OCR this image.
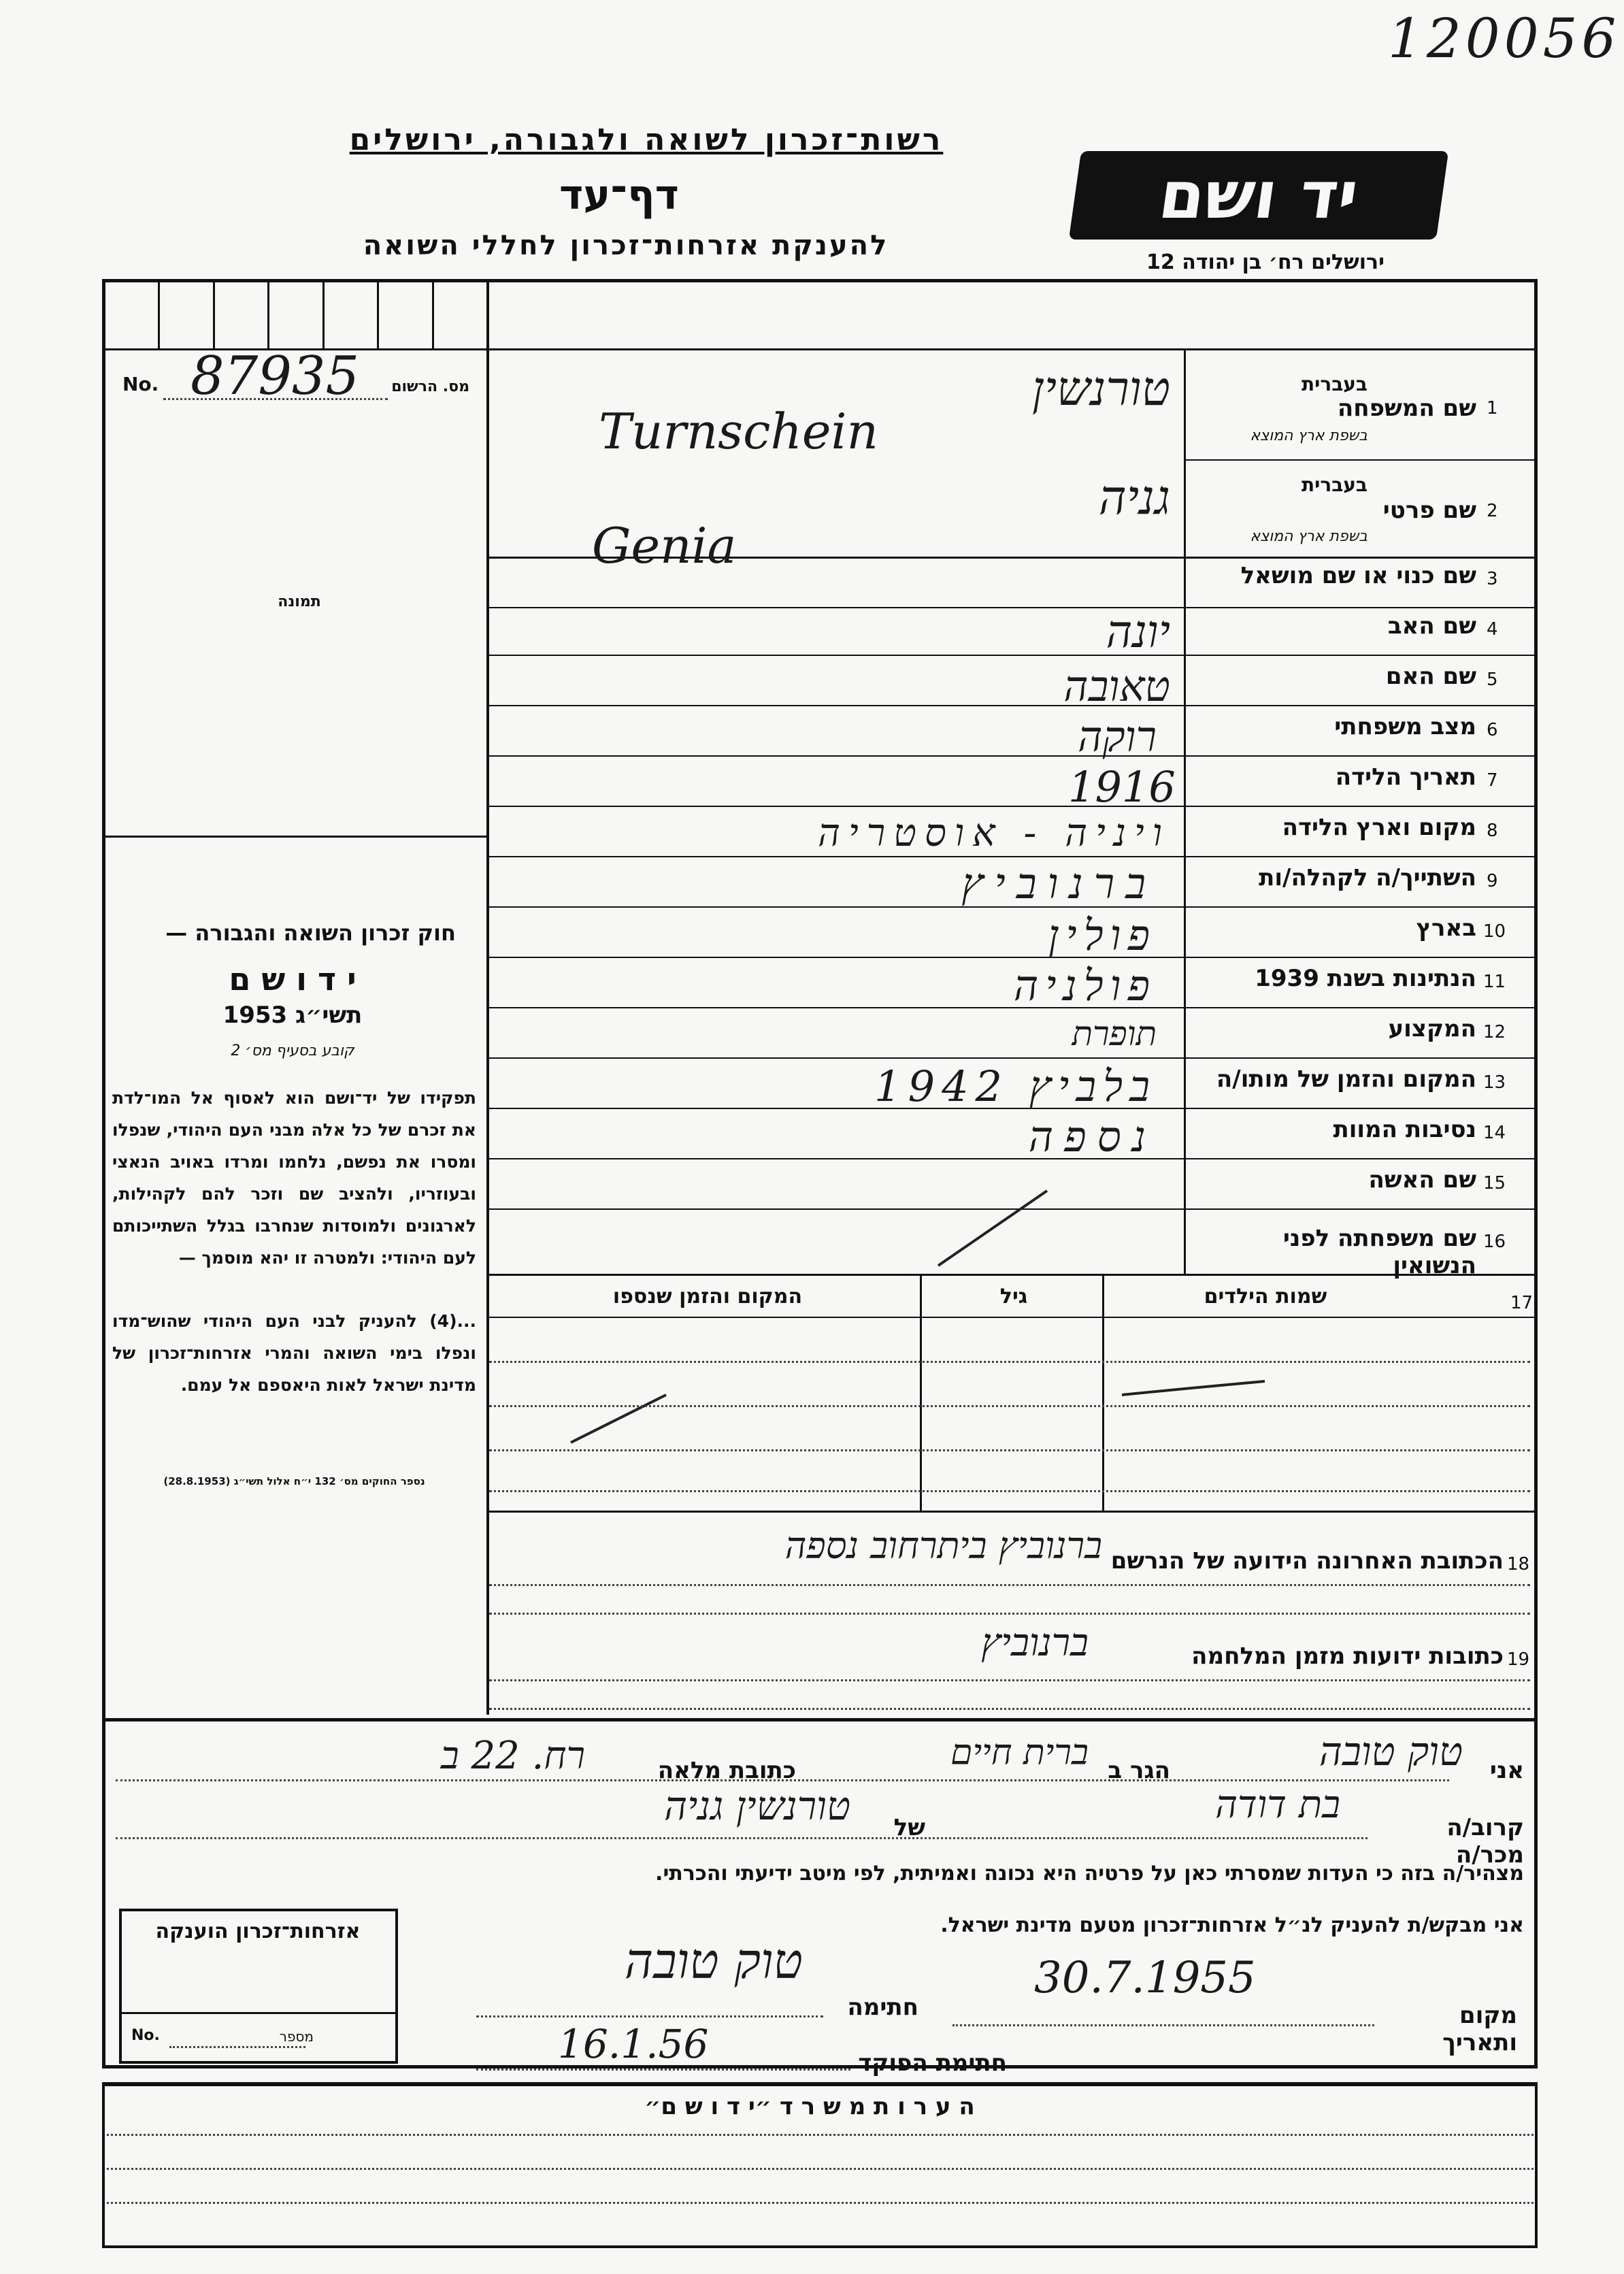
120056
רשות־זכרון לשואה ולגבורה, ירושלים
דף־עד
להענקת אזרחות־זכרון לחללי השואה
יד ושם
ירושלים רח׳ בן יהודה 12
No. 87935 מס. הרשום
תמונה
חוק זכרון השואה והגבורה —
י ד ו ש ם
תשי״ג 1953
קובע בסעיף מס׳ 2
תפקידו של יד־ושם הוא לאסוף אל המו־לדת את זכרם של כל אלה מבני העם היהודי, שנפלו ומסרו את נפשם, נלחמו ומרדו באויב הנאצי ובעוזריו, ולהציב שם וזכר להם לקהילות, לארגונים ולמוסדות שנחרבו בגלל השתייכותם לעם היהודי: ולמטרה זו יהא מוסמך —
...(4) להעניק לבני העם היהודי שהוש־מדו ונפלו בימי השואה והמרי אזרחות־זכרון של מדינת ישראל לאות היאספם אל עמם.
נספר החוקים מס׳ 132 י״ח אלול תשי״ג (28.8.1953)
1
שם המשפחה
בעברית
בשפת ארץ המוצא
טורנשין
Turnschein
2
שם פרטי
בעברית
בשפת ארץ המוצא
גניה
Genia
3
שם כנוי או שם מושאל
4
שם האב
יונה
5
שם האם
טאובה
6
מצב משפחתי
רוקה
7
תאריך הלידה
1916
8
מקום וארץ הלידה
ויניה - אוסטריה
9
השתייך/ה לקהלה/ות
ברנוביץ
10
בארץ
פולין
11
הנתינות בשנת 1939
פולניה
12
המקצוע
תופרת
13
המקום והזמן של מותו/ה
בלביץ 1942
14
נסיבות המוות
נספה
15
שם האשה
16
שם משפחתה לפני הנשואין
17
שמות הילדים
גיל
המקום והזמן שנספו
18
הכתובת האחרונה הידועה של הנרשם
ברנוביץ ביתרחוב נספה
19
כתובות ידועות מזמן המלחמה
ברנוביץ
אני
טוק טובה
הגר ב
ברית חיים
כתובת מלאה
רח. 22 ב
קרוב/ה מכר/ה
בת דודה
של
טורנשין גניה
מצהיר/ה בזה כי העדות שמסרתי כאן על פרטיה היא נכונה ואמיתית, לפי מיטב ידיעתי והכרתי.
אני מבקש/ת להעניק לנ״ל אזרחות־זכרון מטעם מדינת ישראל.
מקום ותאריך
30.7.1955
חתימה
טוק טובה
חתימת הפוקד
16.1.56
אזרחות־זכרון הוענקה
No.	מספר
ה ע ר ו ת מ ש ר ד ״י ד ו ש ם״
